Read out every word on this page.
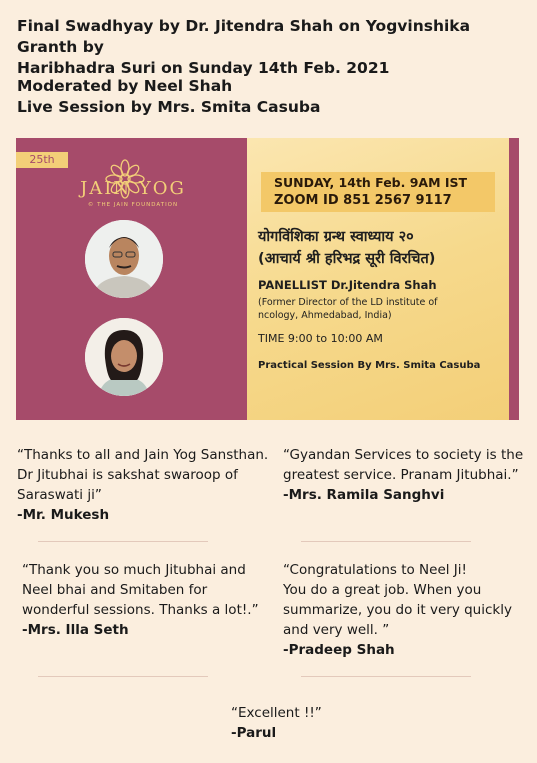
Final Swadhyay by Dr. Jitendra Shah on Yogvinshika Granth by
Haribhadra Suri on Sunday 14th Feb. 2021
Moderated by Neel Shah
Live Session by Mrs. Smita Casuba
25th
JAIN YOG
© THE JAIN FOUNDATION
SUNDAY, 14th Feb. 9AM IST
ZOOM ID 851 2567 9117
योगविंशिका ग्रन्थ स्वाध्याय २०
(आचार्य श्री हरिभद्र सूरी विरचित)
PANELLIST Dr.Jitendra Shah
(Former Director of the LD institute of
ncology, Ahmedabad, India)
TIME 9:00 to 10:00 AM
Practical Session By Mrs. Smita Casuba
“Thanks to all and Jain Yog Sansthan.
Dr Jitubhai is sakshat swaroop of
Saraswati ji”
-Mr. Mukesh
“Gyandan Services to society is the
greatest service. Pranam Jitubhai.”
-Mrs. Ramila Sanghvi
“Thank you so much Jitubhai and
Neel bhai and Smitaben for
wonderful sessions. Thanks a lot!.”
-Mrs. Illa Seth
“Congratulations to Neel Ji!
You do a great job. When you
summarize, you do it very quickly
and very well. ”
-Pradeep Shah
“Excellent !!”
-Parul
